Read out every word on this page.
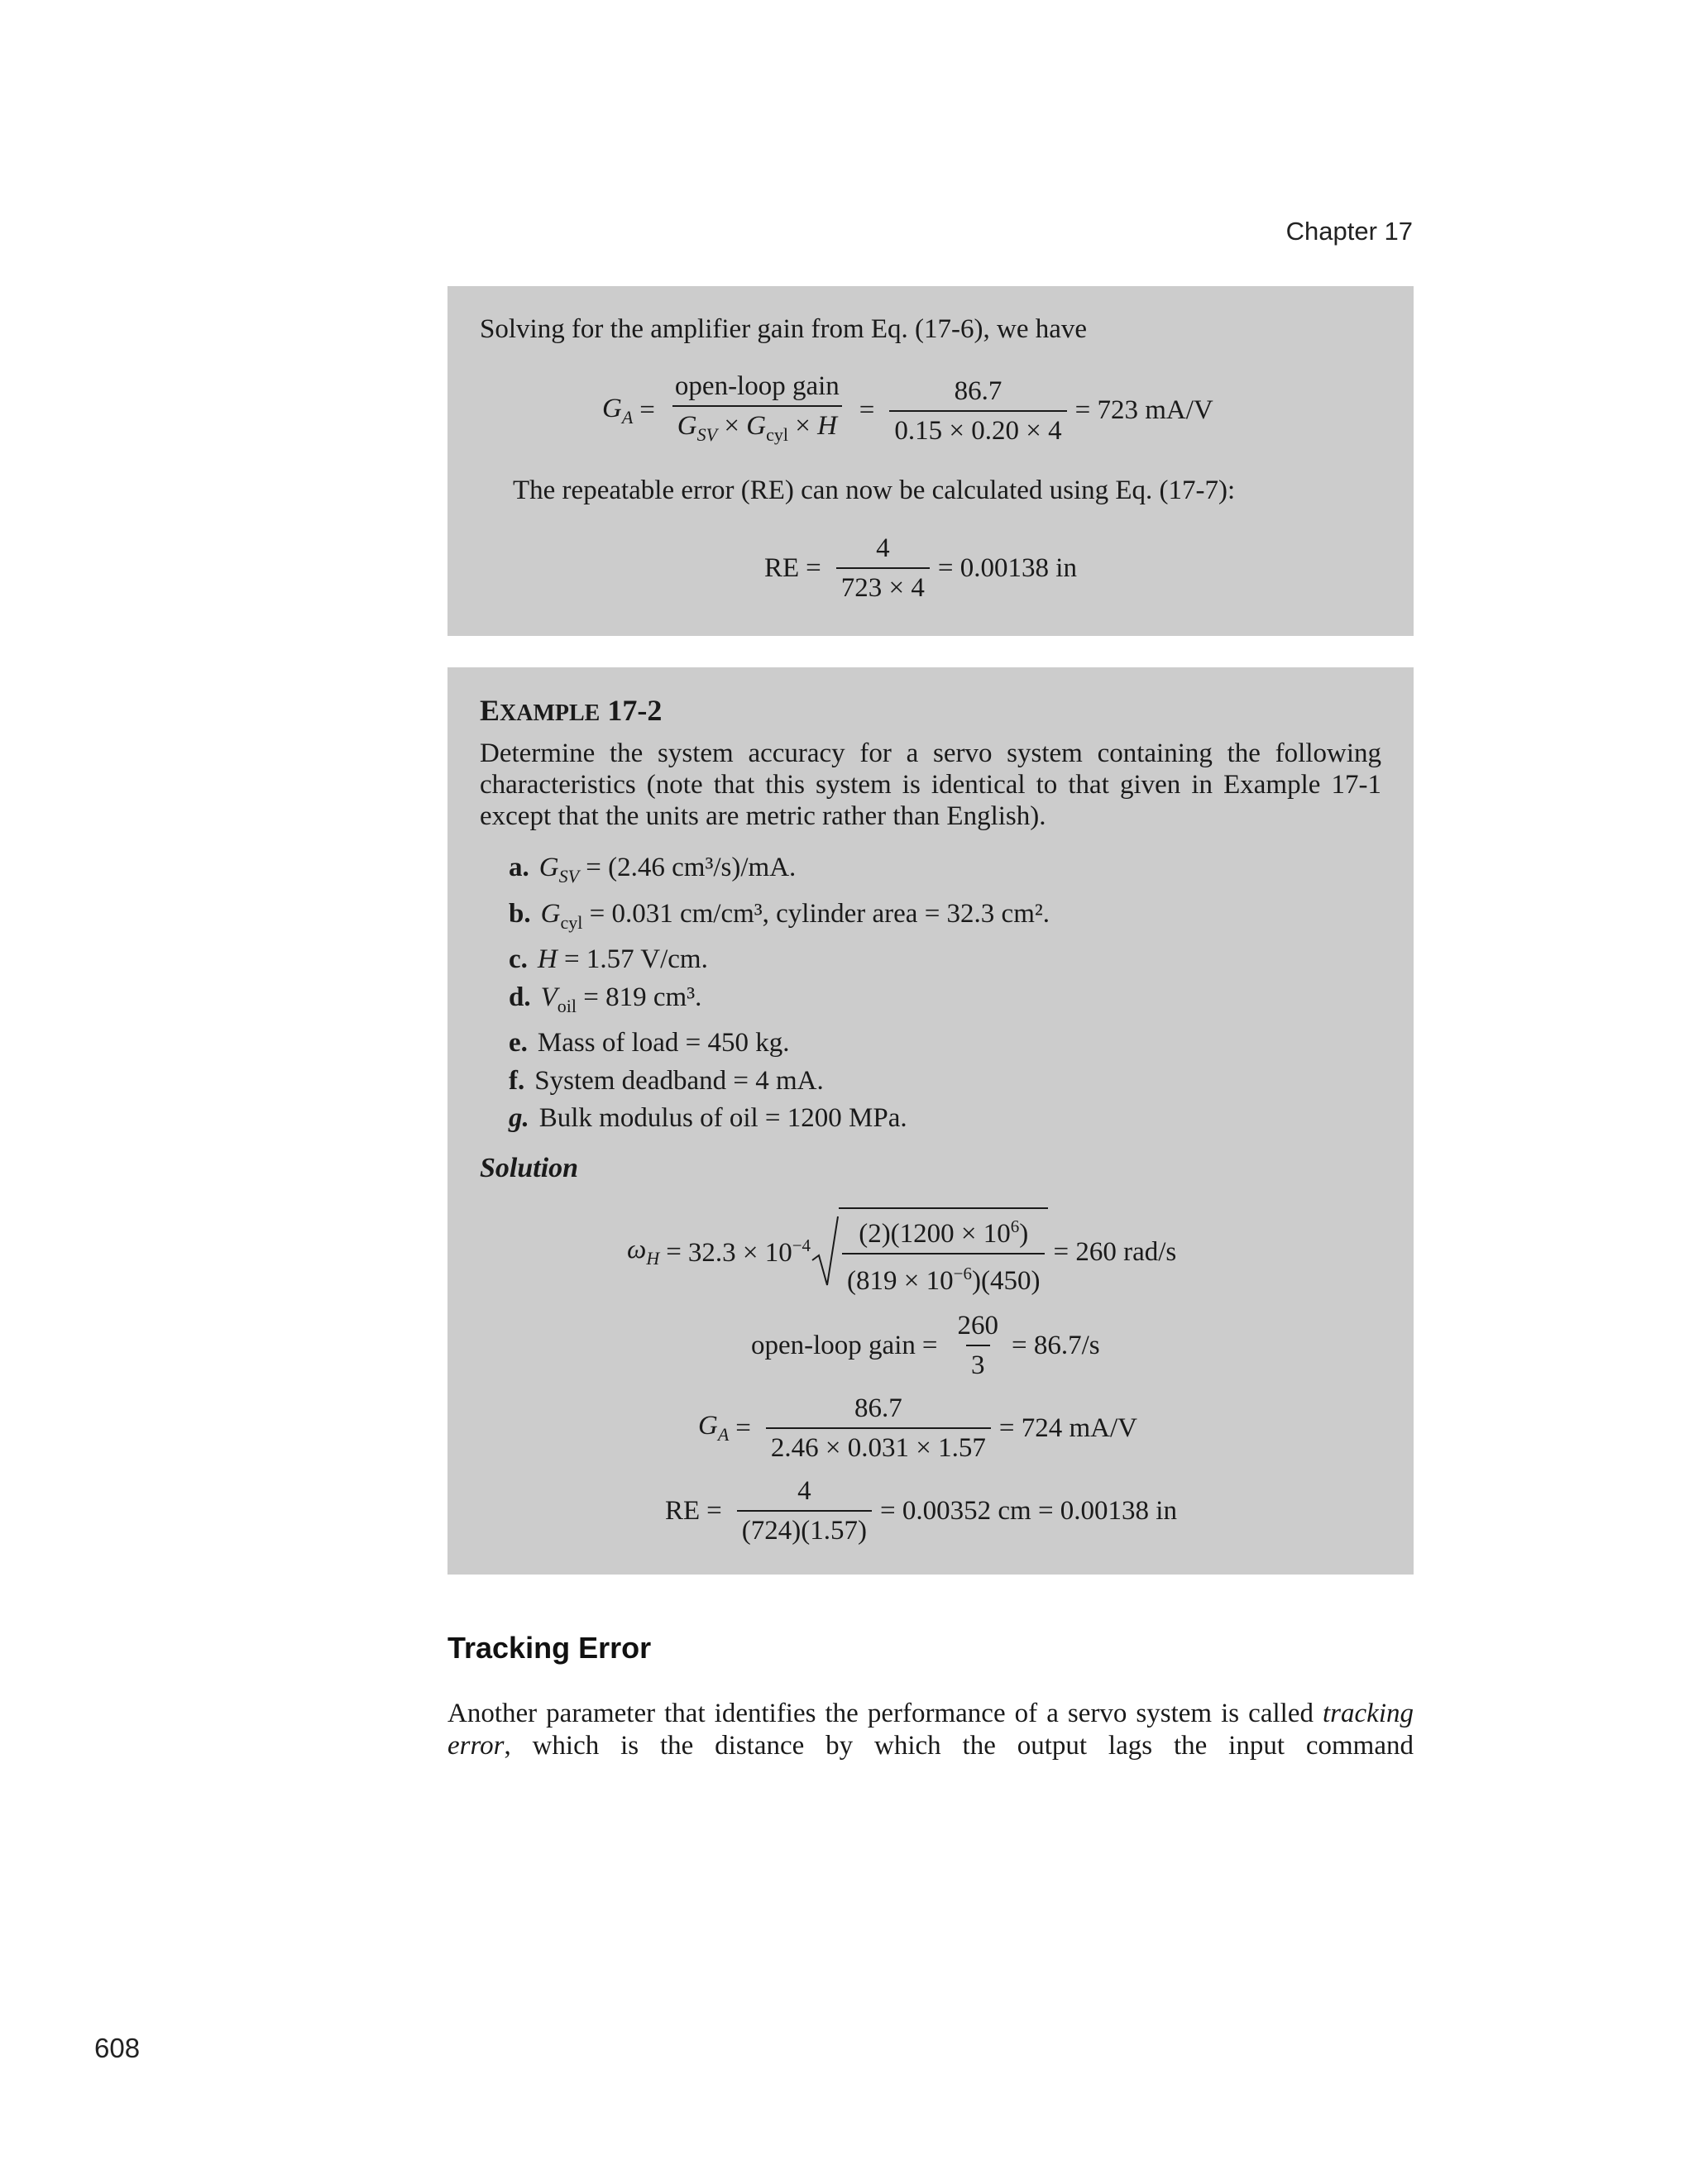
Chapter 17
Solving for the amplifier gain from Eq. (17-6), we have
$G_A = \frac{\text{open-loop gain}}{G_{SV} \times G_{cyl} \times H} = \frac{86.7}{0.15 \times 0.20 \times 4} = 723$ mA/V
The repeatable error (RE) can now be calculated using Eq. (17-7):
RE = $\frac{4}{723 \times 4} = 0.00138$ in
EXAMPLE 17-2

Determine the system accuracy for a servo system containing the following characteristics (note that this system is identical to that given in Example 17-1 except that the units are metric rather than English).

a. $G_{SV} = (2.46$ cm³/s)/mA.
b. $G_{cyl} = 0.031$ cm/cm³, cylinder area = 32.3 cm².
c. H = 1.57 V/cm.
d. $V_{oil} = 819$ cm³.
e. Mass of load = 450 kg.
f. System deadband = 4 mA.
g. Bulk modulus of oil = 1200 MPa.
Solution
$\omega_H = 32.3 \times 10^{-4} \frac{(2)(1200 \times 10^6)}{(819 \times 10^{-6})(450)} = 260$ rad/s
open-loop gain = $\frac{260}{3} = 86.7/s$
$G_A = \frac{86.7}{2.46 \times 0.031 \times 1.57} = 724$ mA/V
RE = $\frac{4}{(724)(1.57)} = 0.00352$ cm = 0.00138 in
Tracking Error

Another parameter that identifies the performance of a servo system is called tracking error, which is the distance by which the output lags the input command

608
